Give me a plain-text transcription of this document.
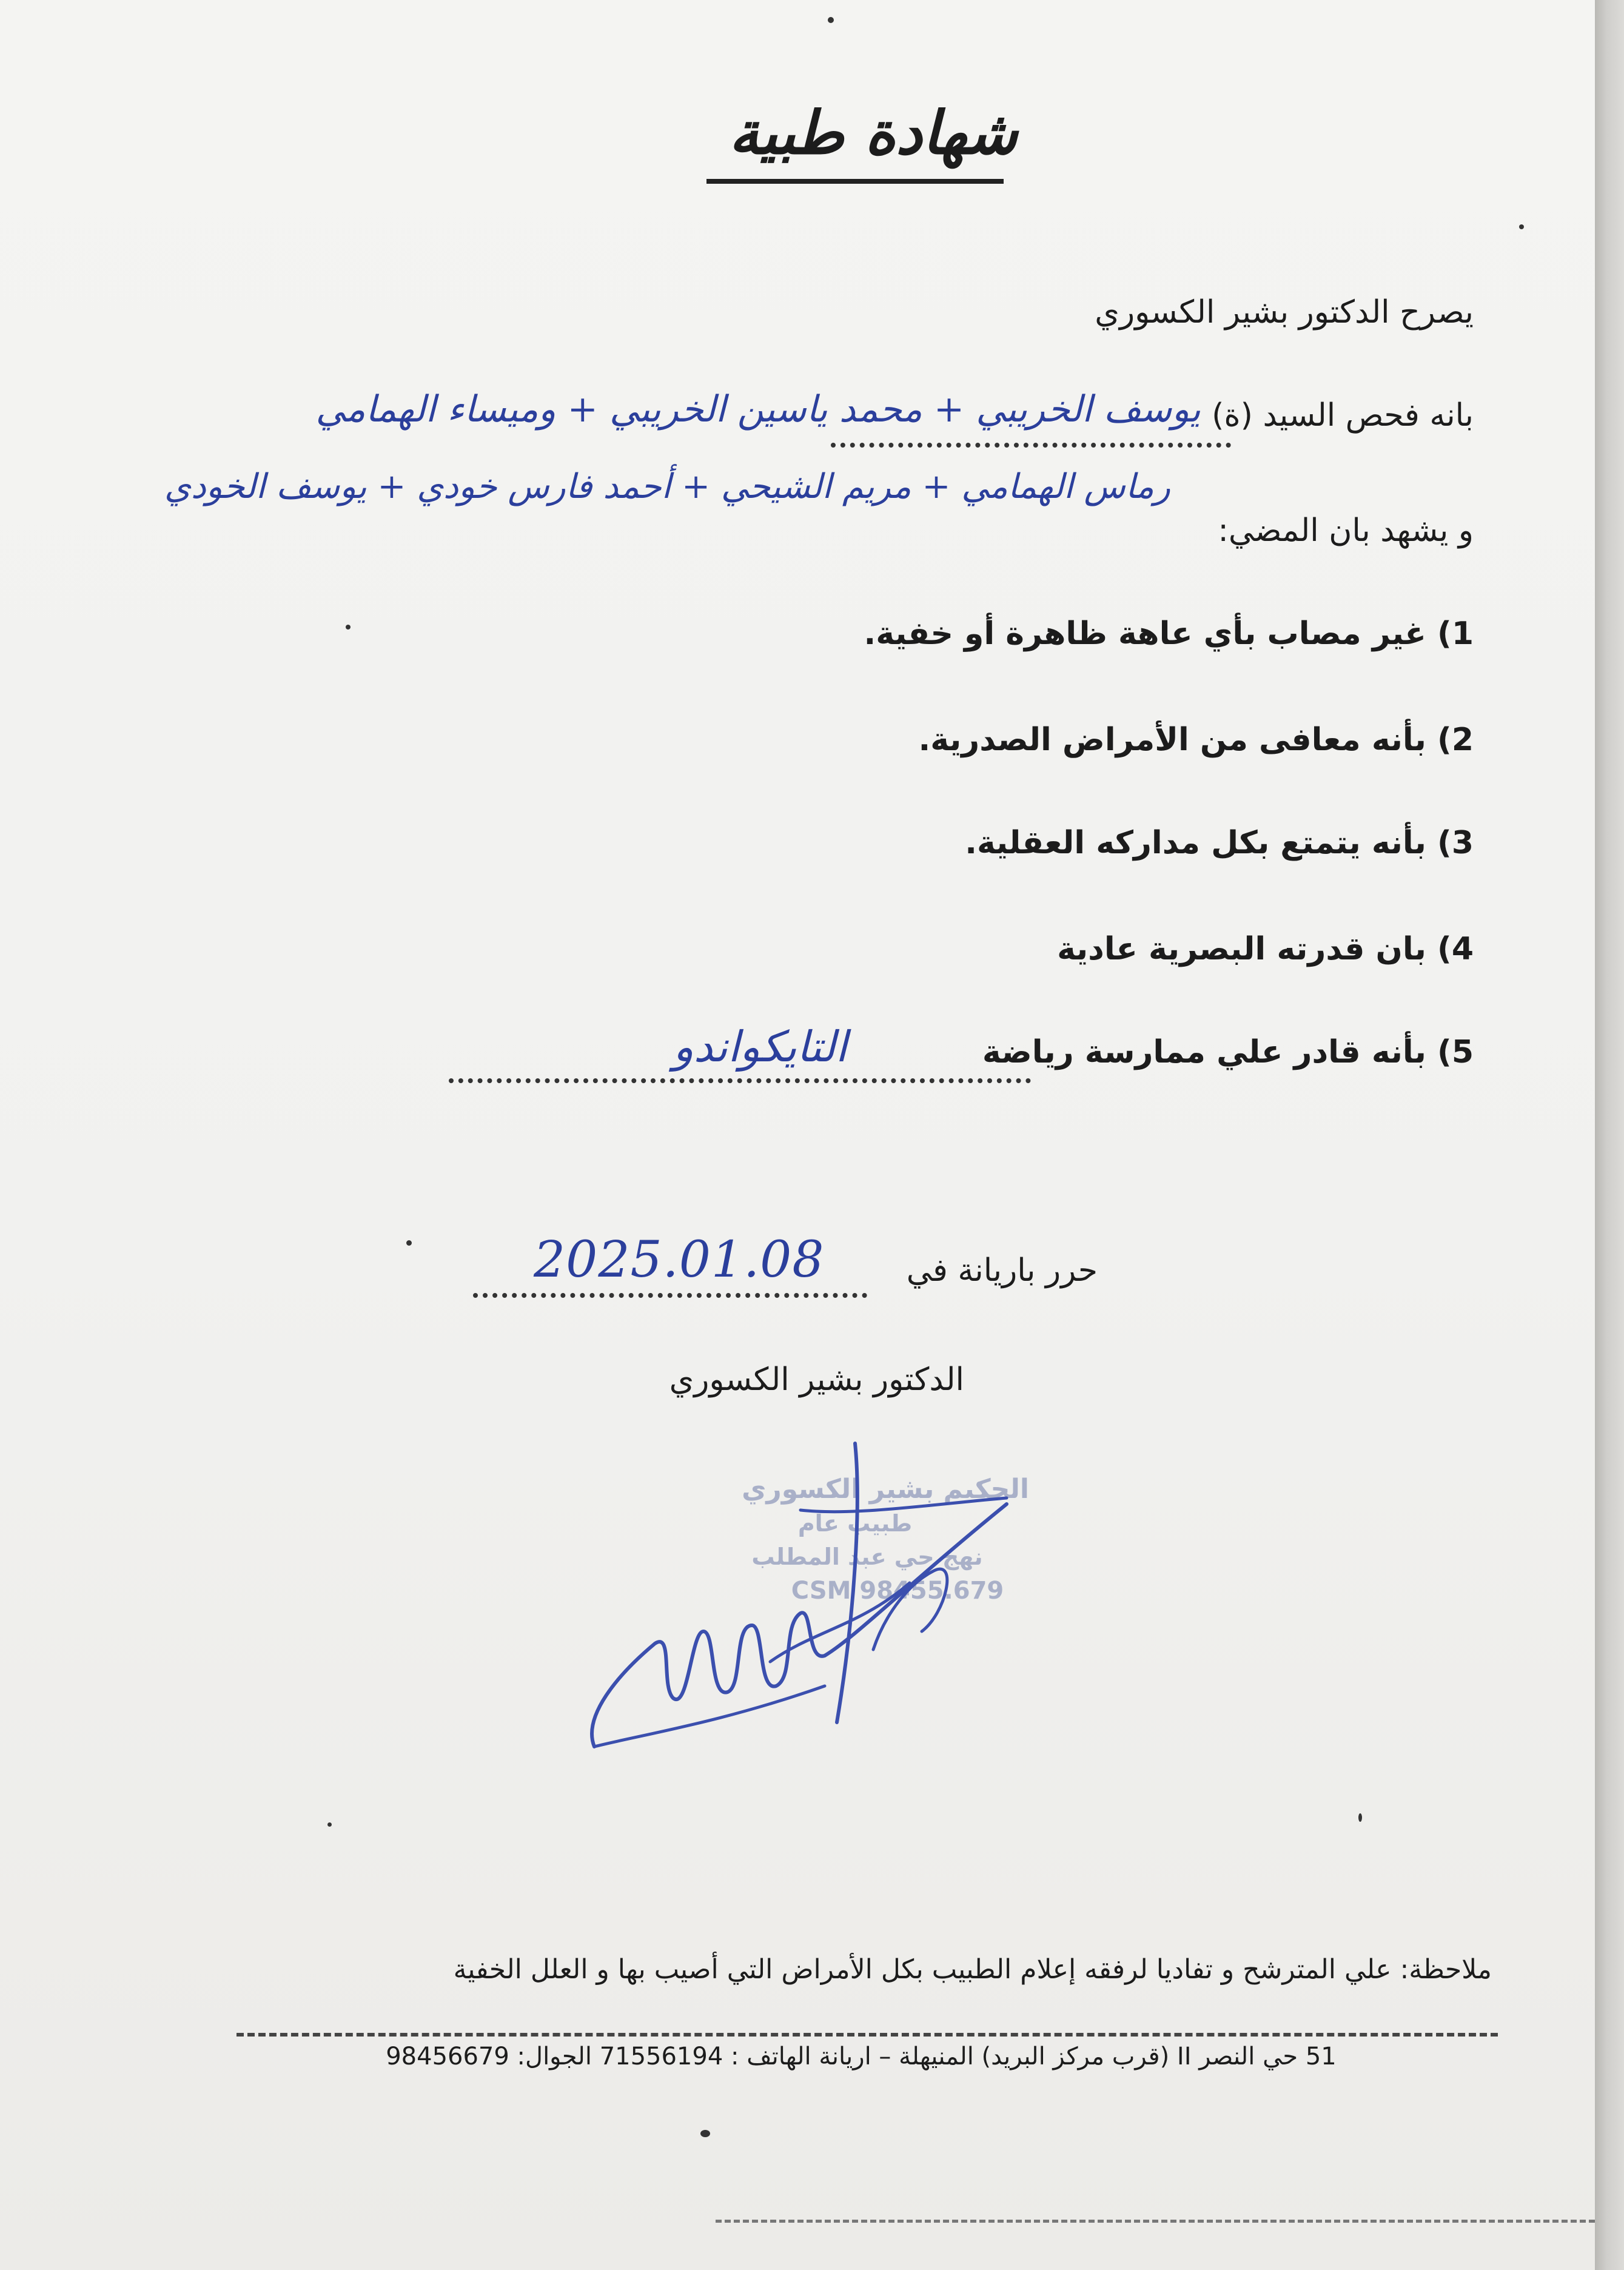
شهادة طبية
يصرح الدكتور بشير الكسوري
بانه فحص السيد (ة)
يوسف الخريبي + محمد ياسين الخريبي + وميساء الهمامي
رماس الهمامي + مريم الشيحي + أحمد فارس خودي + يوسف الخودي
و يشهد بان المضي:
1) غير مصاب بأي عاهة ظاهرة أو خفية.
2) بأنه معافى من الأمراض الصدرية.
3) بأنه يتمتع بكل مداركه العقلية.
4) بان قدرته البصرية عادية
5) بأنه قادر علي ممارسة رياضة
التايكواندو
حرر باريانة في
2025.01.08
الدكتور بشير الكسوري
الحكيم بشير الكسوري
طبيب عام
نهج حي عبد المطلب
CSM 98455.679
ملاحظة: علي المترشح و تفاديا لرفقه إعلام الطبيب بكل الأمراض التي أصيب بها و العلل الخفية
51 حي النصر II (قرب مركز البريد) المنيهلة – اريانة الهاتف : 71556194 الجوال: 98456679
